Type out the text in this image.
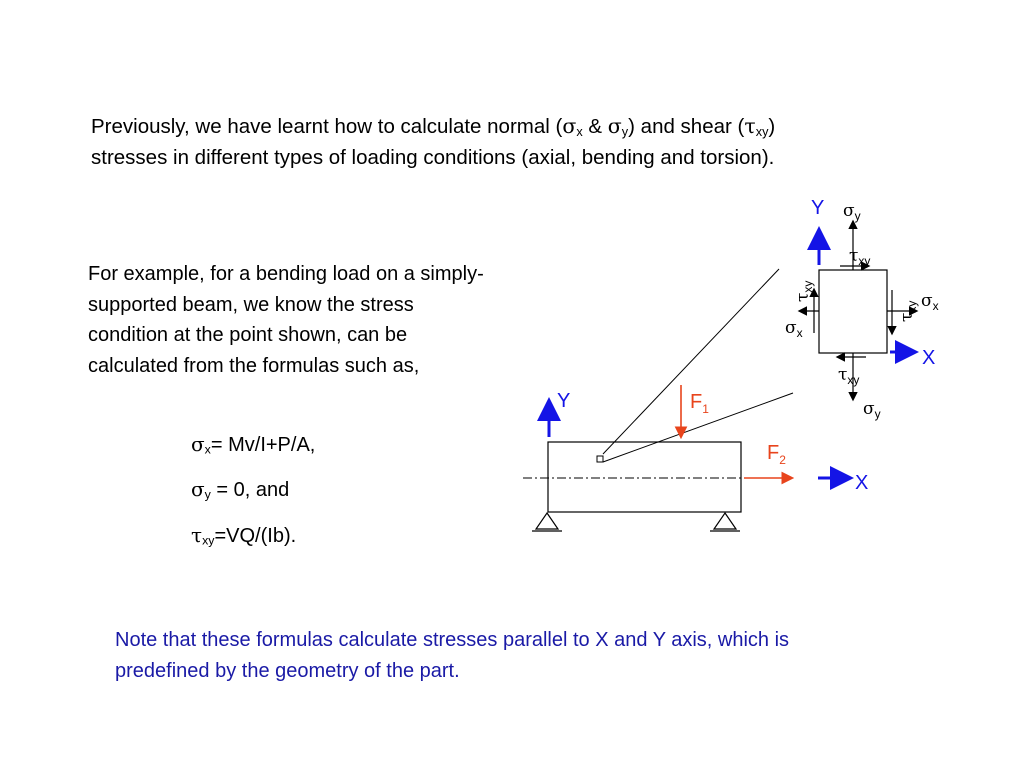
Previously, we have learnt how to calculate normal ($\sigma_x$ & $\sigma_y$) and shear $(\tau_{xy})$
stresses in different types of loading conditions (axial, bending and torsion).

For example, for a bending load on a simply-supported beam, we know the stress condition at the point shown, can be calculated from the formulas such as,

$\sigma_x= Mv/I+P/A$,

$\sigma_y = 0$, and

$\tau_{xy}=VQ/(Ib)$.

Note that these formulas calculate stresses parallel to X and Y axis, which is predefined by the geometry of the part.

Y
X
$F_1$
$F_2$
Y
X
$\sigma_y$
$\sigma_y$
$\sigma_x$
$\sigma_x$
$\tau_{xy}$
$\tau_{xy}$
$\tau_{xy}$
$\tau_{xy}$
